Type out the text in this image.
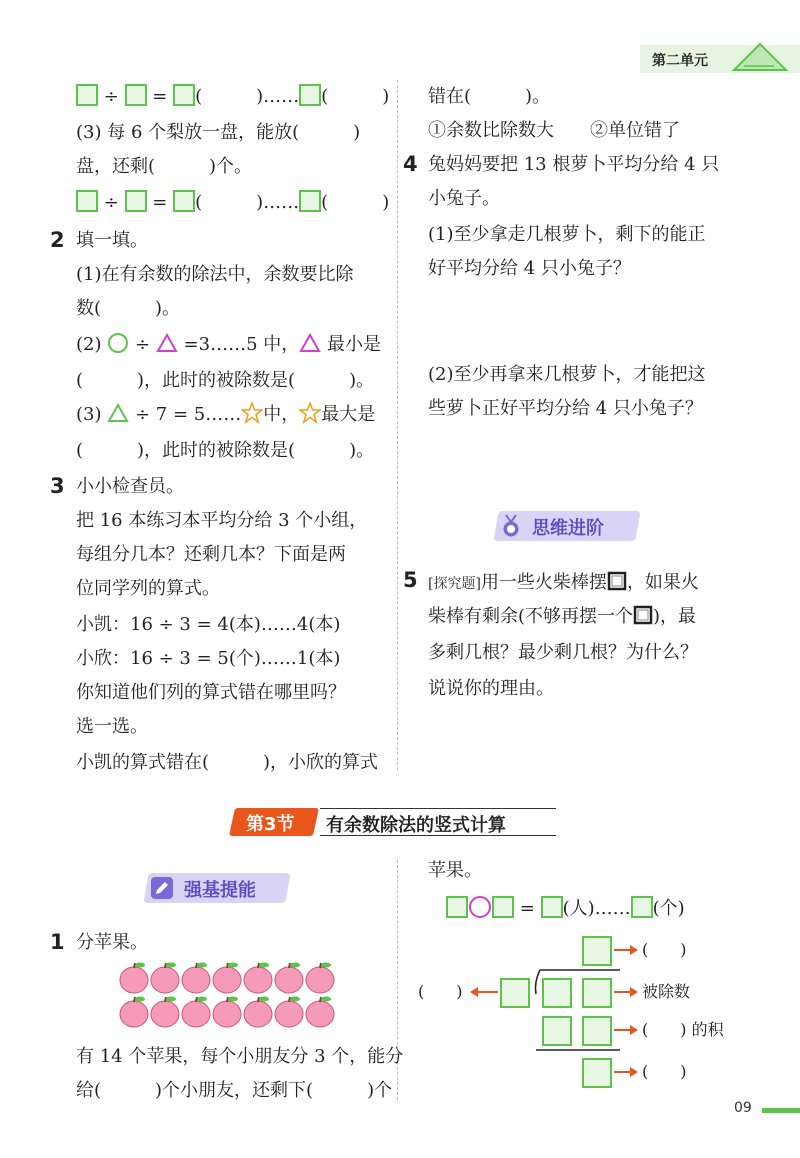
第二单元
÷ = (　　　)…… (　　　)
(3) 每 6 个梨放一盘，能放(　　　)
盘，还剩(　　　)个。
÷ = (　　　)…… (　　　)
2 填一填。
(1)在有余数的除法中，余数要比除
数(　　　)。
(2) ÷ =3……5 中， 最小是
(　　　)，此时的被除数是(　　　)。
(3) ÷ 7 = 5…… 中， 最大是
(　　　)，此时的被除数是(　　　)。
3 小小检查员。
把 16 本练习本平均分给 3 个小组，
每组分几本？还剩几本？下面是两
位同学列的算式。
小凯：16 ÷ 3 = 4(本)……4(本)
小欣：16 ÷ 3 = 5(个)……1(本)
你知道他们列的算式错在哪里吗？
选一选。
小凯的算式错在(　　　)，小欣的算式
错在(　　　)。
①余数比除数大　　②单位错了
4 兔妈妈要把 13 根萝卜平均分给 4 只
小兔子。
(1)至少拿走几根萝卜，剩下的能正
好平均分给 4 只小兔子？
(2)至少再拿来几根萝卜，才能把这
些萝卜正好平均分给 4 只小兔子？
思维进阶
5 [探究题]用一些火柴棒摆 ，如果火
柴棒有剩余(不够再摆一个 )，最
多剩几根？最少剩几根？为什么？
说说你的理由。
第3节 有余数除法的竖式计算
强基提能
1 分苹果。
有 14 个苹果，每个小朋友分 3 个，能分
给(　　　)个小朋友，还剩下(　　　)个
苹果。
= (人)…… (个)
(　　)
(　　)	被除数
(　　) 的积
(　　)
09
